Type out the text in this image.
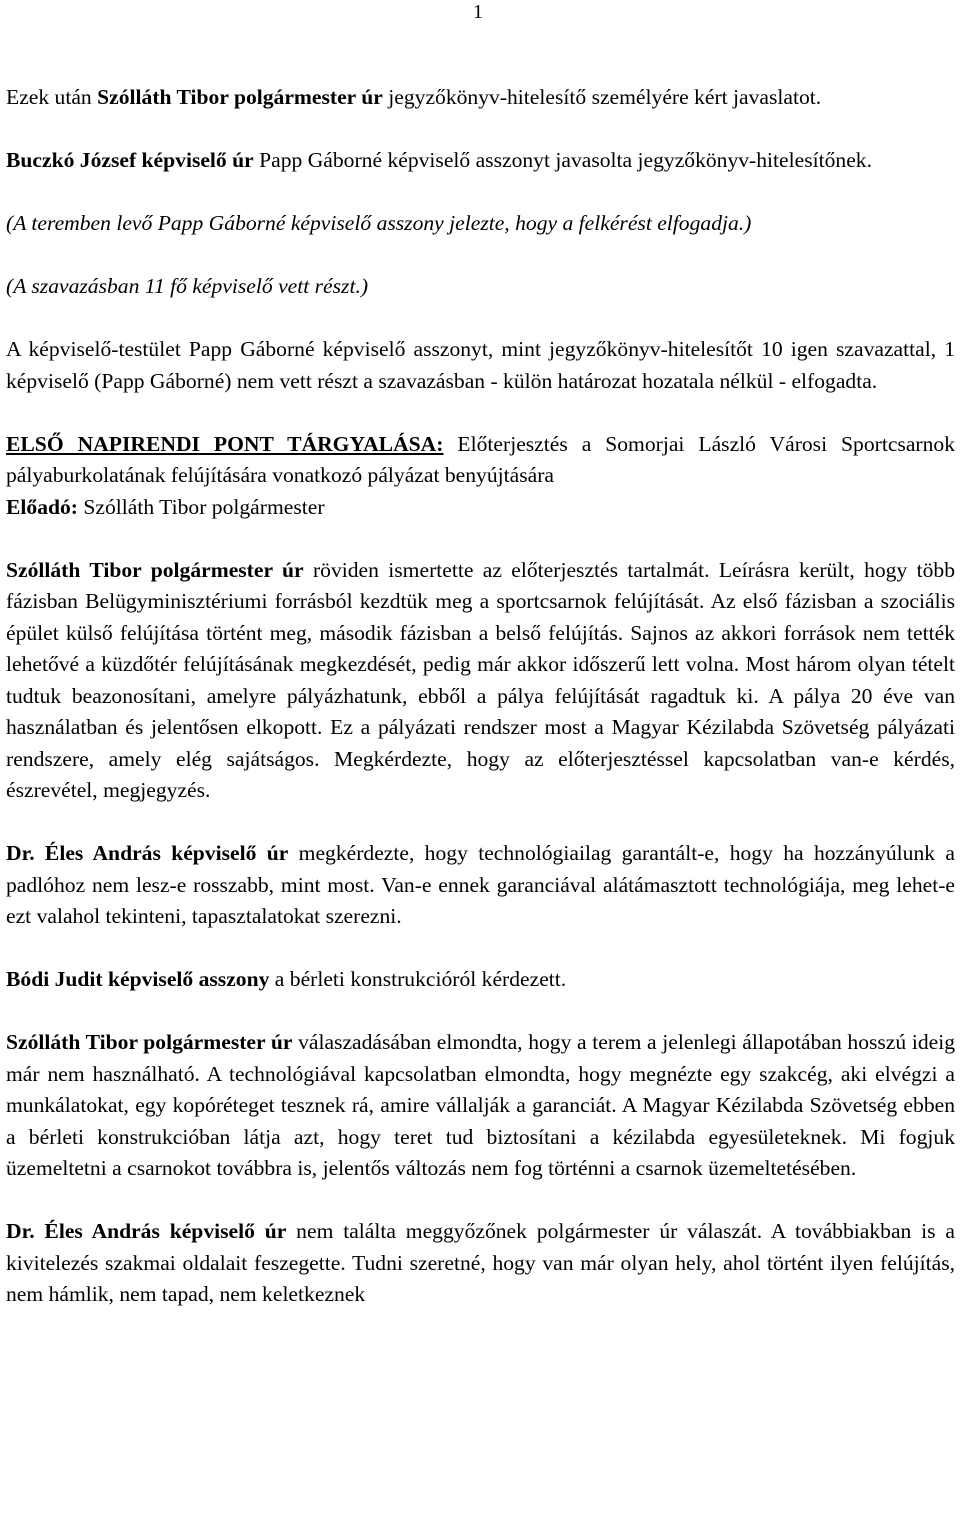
1

Ezek után Szólláth Tibor polgármester úr jegyzőkönyv-hitelesítő személyére kért javaslatot.

Buczkó József képviselő úr Papp Gáborné képviselő asszonyt javasolta jegyzőkönyv-hitelesítőnek.

(A teremben levő Papp Gáborné képviselő asszony jelezte, hogy a felkérést elfogadja.)

(A szavazásban 11 fő képviselő vett részt.)

A képviselő-testület Papp Gáborné képviselő asszonyt, mint jegyzőkönyv-hitelesítőt 10 igen szavazattal, 1 képviselő (Papp Gáborné) nem vett részt a szavazásban - külön határozat hozatala nélkül - elfogadta.

ELSŐ NAPIRENDI PONT TÁRGYALÁSA: Előterjesztés a Somorjai László Városi Sportcsarnok pályaburkolatának felújítására vonatkozó pályázat benyújtására

Előadó: Szólláth Tibor polgármester

Szólláth Tibor polgármester úr röviden ismertette az előterjesztés tartalmát. Leírásra került, hogy több fázisban Belügyminisztériumi forrásból kezdtük meg a sportcsarnok felújítását. Az első fázisban a szociális épület külső felújítása történt meg, második fázisban a belső felújítás. Sajnos az akkori források nem tették lehetővé a küzdőtér felújításának megkezdését, pedig már akkor időszerű lett volna. Most három olyan tételt tudtuk beazonosítani, amelyre pályázhatunk, ebből a pálya felújítását ragadtuk ki. A pálya 20 éve van használatban és jelentősen elkopott. Ez a pályázati rendszer most a Magyar Kézilabda Szövetség pályázati rendszere, amely elég sajátságos. Megkérdezte, hogy az előterjesztéssel kapcsolatban van-e kérdés, észrevétel, megjegyzés.

Dr. Éles András képviselő úr megkérdezte, hogy technológiailag garantált-e, hogy ha hozzányúlunk a padlóhoz nem lesz-e rosszabb, mint most. Van-e ennek garanciával alátámasztott technológiája, meg lehet-e ezt valahol tekinteni, tapasztalatokat szerezni.

Bódi Judit képviselő asszony a bérleti konstrukcióról kérdezett.

Szólláth Tibor polgármester úr válaszadásában elmondta, hogy a terem a jelenlegi állapotában hosszú ideig már nem használható. A technológiával kapcsolatban elmondta, hogy megnézte egy szakcég, aki elvégzi a munkálatokat, egy kopóréteget tesznek rá, amire vállalják a garanciát. A Magyar Kézilabda Szövetség ebben a bérleti konstrukcióban látja azt, hogy teret tud biztosítani a kézilabda egyesületeknek. Mi fogjuk üzemeltetni a csarnokot továbbra is, jelentős változás nem fog történni a csarnok üzemeltetésében.

Dr. Éles András képviselő úr nem találta meggyőzőnek polgármester úr válaszát. A továbbiakban is a kivitelezés szakmai oldalait feszegette. Tudni szeretné, hogy van már olyan hely, ahol történt ilyen felújítás, nem hámlik, nem tapad, nem keletkeznek
